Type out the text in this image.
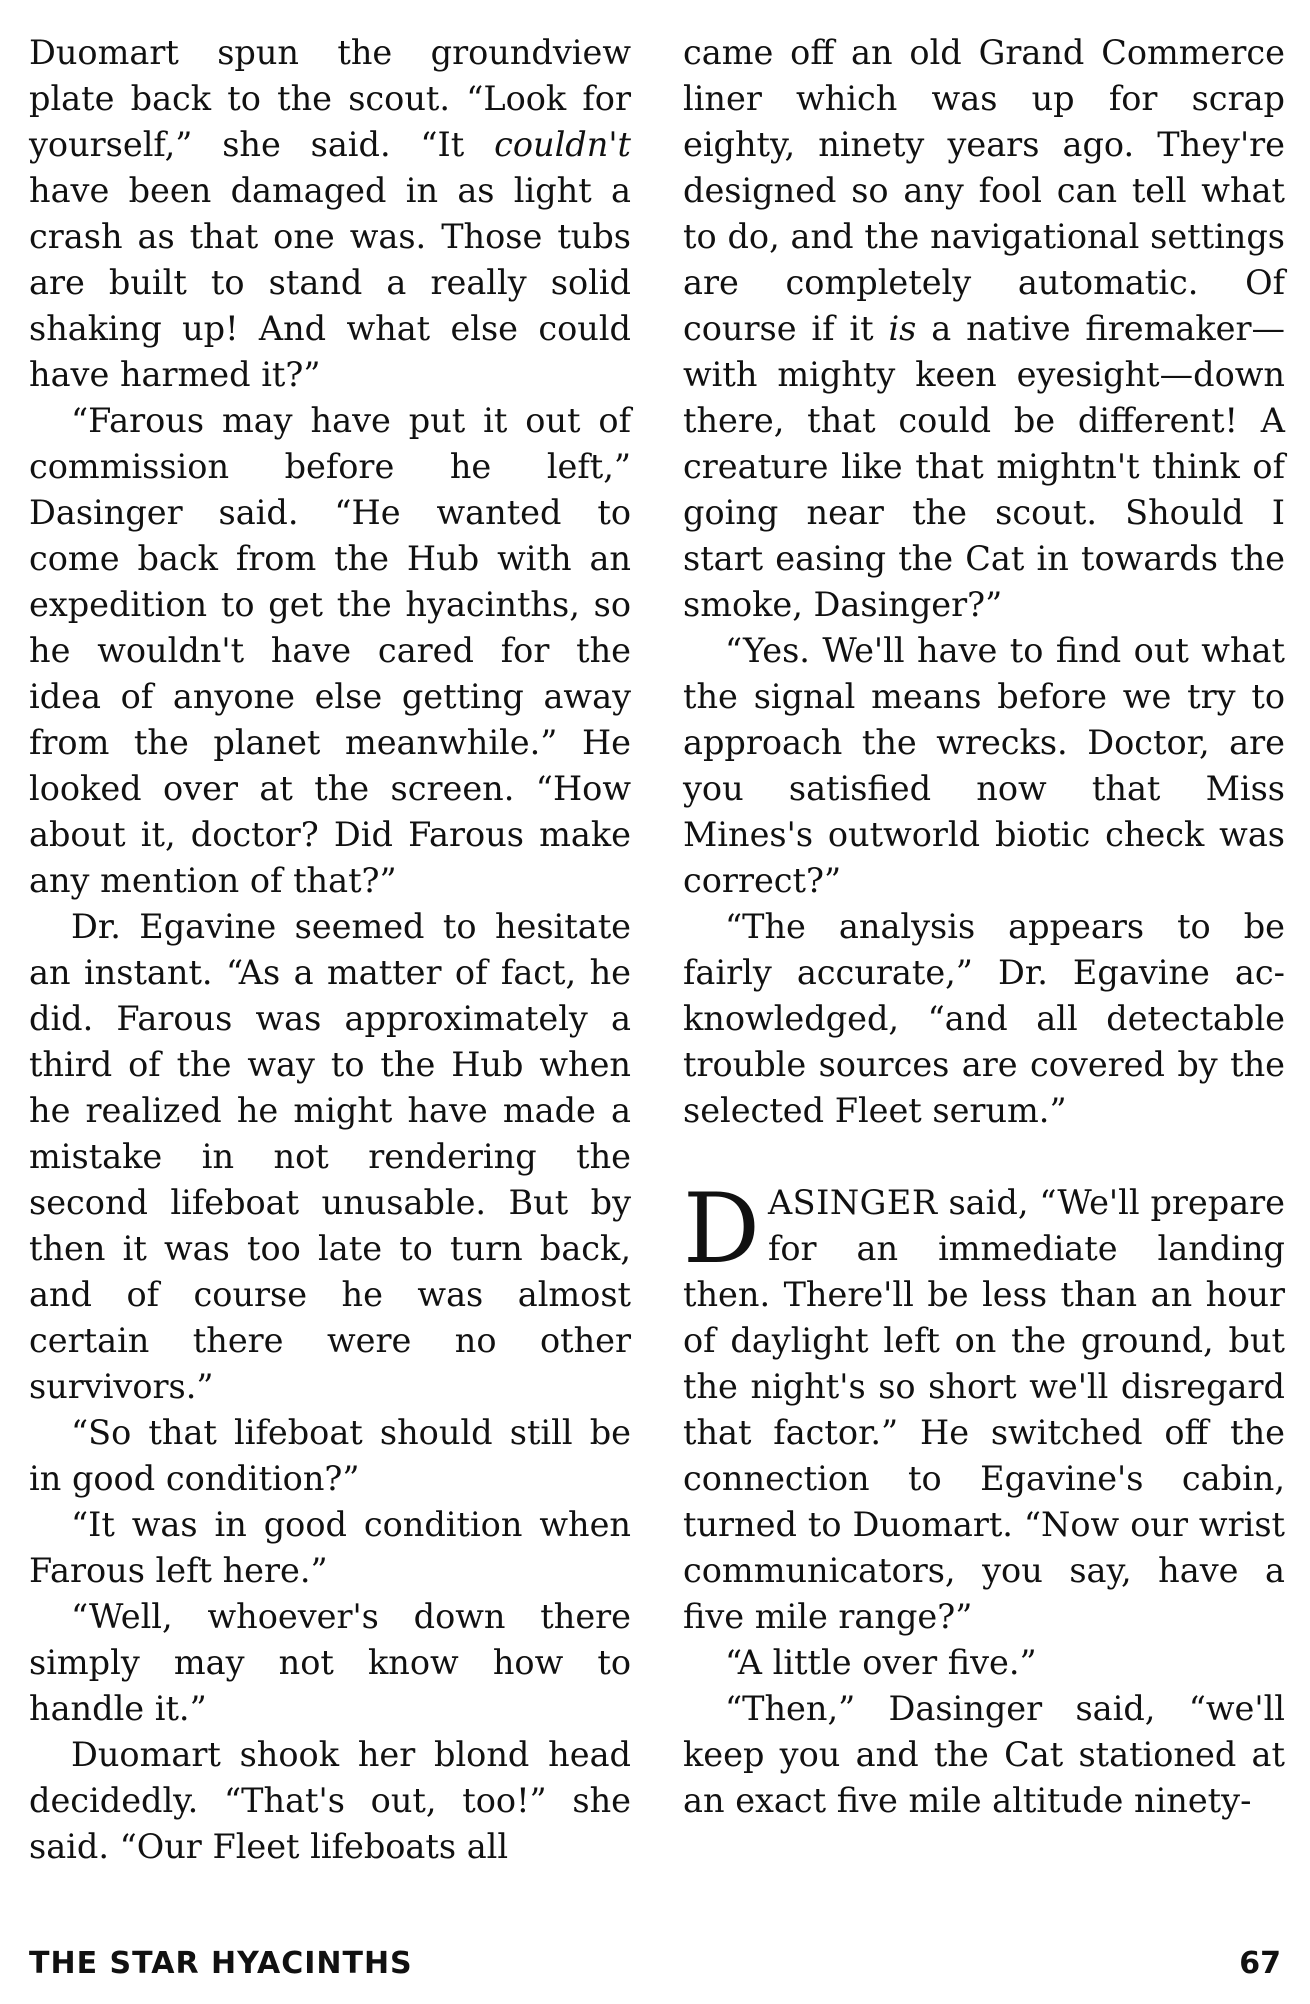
Duomart spun the groundview plate back to the scout. “Look for yourself,” she said. “It couldn't have been damaged in as light a crash as that one was. Those tubs are built to stand a really solid shaking up! And what else could have harmed it?”

“Farous may have put it out of commission before he left,” Dasinger said. “He wanted to come back from the Hub with an expedition to get the hyacinths, so he wouldn't have cared for the idea of anyone else getting away from the planet meanwhile.” He looked over at the screen. “How about it, doctor? Did Farous make any mention of that?”

Dr. Egavine seemed to hesitate an instant. “As a matter of fact, he did. Farous was approximately a third of the way to the Hub when he realized he might have made a mistake in not rendering the second lifeboat unusable. But by then it was too late to turn back, and of course he was almost certain there were no other survivors.”

“So that lifeboat should still be in good condition?”

“It was in good condition when Farous left here.”

“Well, whoever's down there simply may not know how to handle it.”

Duomart shook her blond head decidedly. “That's out, too!” she said. “Our Fleet lifeboats all

came off an old Grand Commerce liner which was up for scrap eighty, ninety years ago. They're designed so any fool can tell what to do, and the navigational settings are completely automatic. Of course if it is a native firemaker—with mighty keen eyesight—down there, that could be different! A creature like that mightn't think of going near the scout. Should I start easing the Cat in towards the smoke, Dasinger?”

“Yes. We'll have to find out what the signal means before we try to approach the wrecks. Doctor, are you satisfied now that Miss Mines's outworld biotic check was correct?”

“The analysis appears to be fairly accurate,” Dr. Egavine acknowledged, “and all detectable trouble sources are covered by the selected Fleet serum.”

DASINGER said, “We'll prepare for an immediate landing then. There'll be less than an hour of daylight left on the ground, but the night's so short we'll disregard that factor.” He switched off the connection to Egavine's cabin, turned to Duomart. “Now our wrist communicators, you say, have a five mile range?”

“A little over five.”

“Then,” Dasinger said, “we'll keep you and the Cat stationed at an exact five mile altitude ninety-

THE STAR HYACINTHS	67
